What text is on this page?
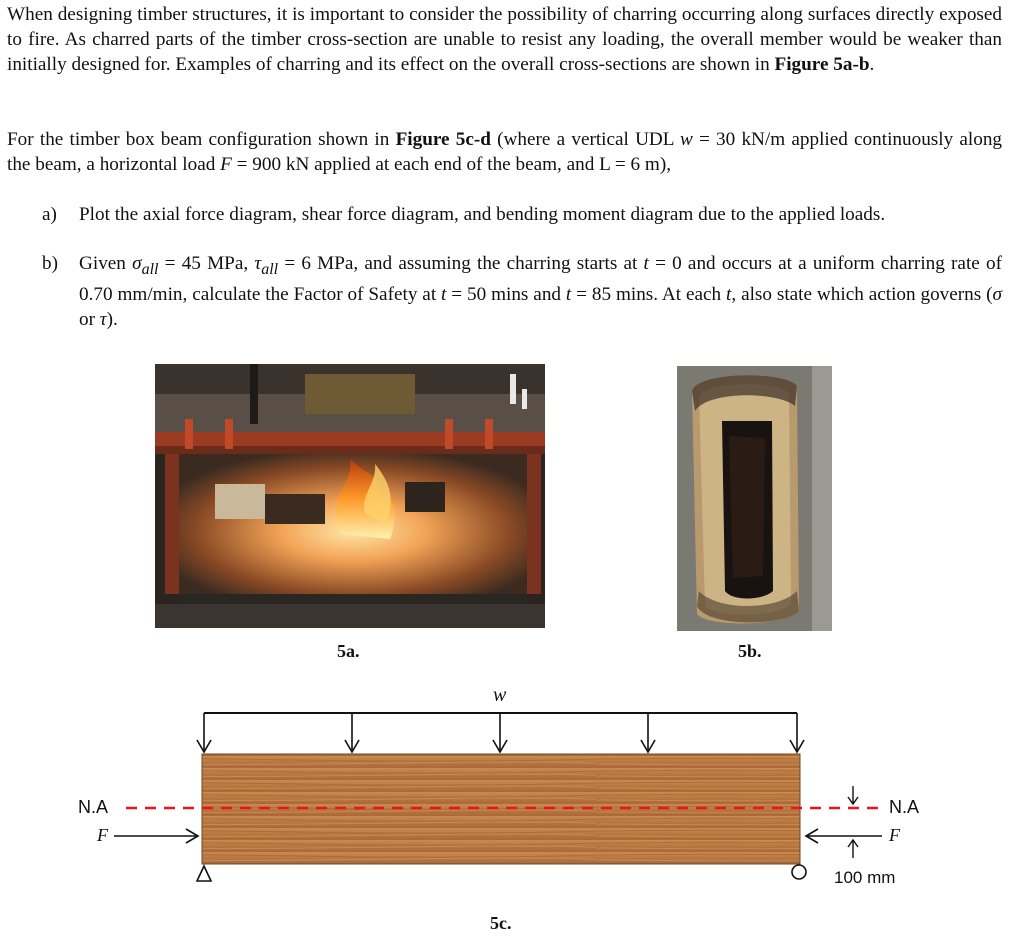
When designing timber structures, it is important to consider the possibility of charring occurring along surfaces directly exposed to fire. As charred parts of the timber cross-section are unable to resist any loading, the overall member would be weaker than initially designed for. Examples of charring and its effect on the overall cross-sections are shown in Figure 5a-b.
For the timber box beam configuration shown in Figure 5c-d (where a vertical UDL w = 30 kN/m applied continuously along the beam, a horizontal load F = 900 kN applied at each end of the beam, and L = 6 m),
a) Plot the axial force diagram, shear force diagram, and bending moment diagram due to the applied loads.
b) Given $\sigma_{all} = 45$ MPa, $\tau_{all} = 6$ MPa, and assuming the charring starts at t = 0 and occurs at a uniform charring rate of 0.70 mm/min, calculate the Factor of Safety at t = 50 mins and t = 85 mins. At each t, also state which action governs (σ or τ).
5a.	5b.
w
N.A	N.A
F	F
100 mm
5c.
